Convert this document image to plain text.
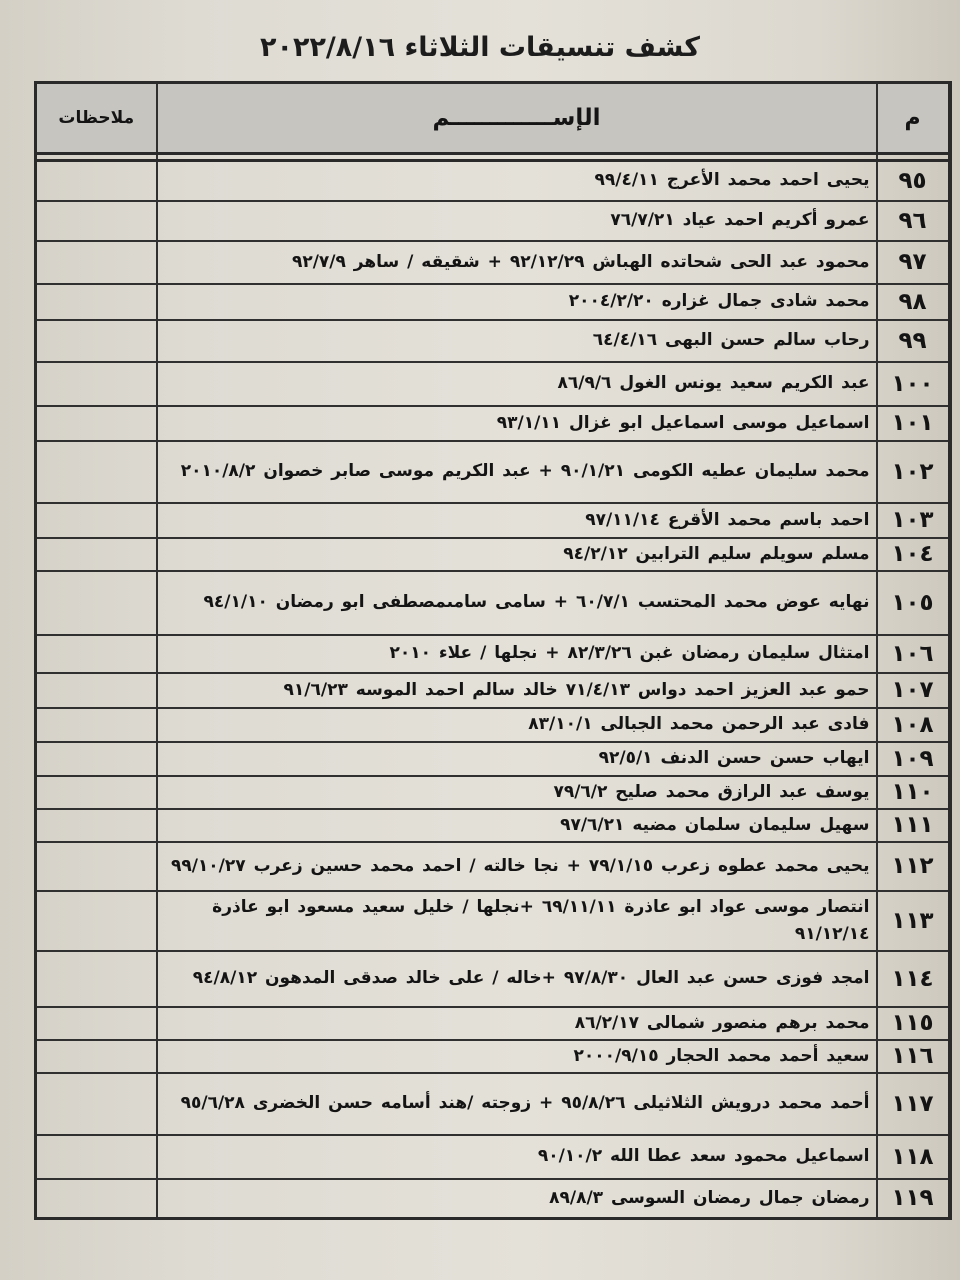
كشف تنسيقات الثلاثاء ٢٠٢٢/٨/١٦
م	الإســـــــــــــم	ملاحظات

٩٥	يحيى احمد محمد الأعرج ٩٩/٤/١١	
٩٦	عمرو أكريم احمد عياد ٧٦/٧/٢١	
٩٧	محمود عبد الحى شحاتده الهباش ٩٢/١٢/٢٩ + شقيقه / ساهر ٩٢/٧/٩	
٩٨	محمد شادى جمال غزاره ٢٠٠٤/٢/٢٠	
٩٩	رحاب سالم حسن البهى ٦٤/٤/١٦	
١٠٠	عبد الكريم سعيد يونس الغول ٨٦/٩/٦	
١٠١	اسماعيل موسى اسماعيل ابو غزال ٩٣/١/١١	
١٠٢	محمد سليمان عطيه الكومى ٩٠/١/٢١ + عبد الكريم موسى صابر خصوان ٢٠١٠/٨/٢	
١٠٣	احمد باسم محمد الأقرع ٩٧/١١/١٤	
١٠٤	مسلم سويلم سليم الترابين ٩٤/٢/١٢	
١٠٥	نهايه عوض محمد المحتسب ٦٠/٧/١ + سامى سامىمصطفى ابو رمضان ٩٤/١/١٠	
١٠٦	امتثال سليمان رمضان غبن ٨٢/٣/٢٦ + نجلها / علاء ٢٠١٠	
١٠٧	حمو عبد العزيز احمد دواس ٧١/٤/١٣ خالد سالم احمد الموسه ٩١/٦/٢٣	
١٠٨	فادى عبد الرحمن محمد الجبالى ٨٣/١٠/١	
١٠٩	ايهاب حسن حسن الدنف ٩٢/٥/١	
١١٠	يوسف عبد الرازق محمد صليح ٧٩/٦/٢	
١١١	سهيل سليمان سلمان مضيه ٩٧/٦/٢١	
١١٢	يحيى محمد عطوه زعرب ٧٩/١/١٥ + نجا خالته / احمد محمد حسين زعرب ٩٩/١٠/٢٧	
١١٣	انتصار موسى عواد ابو عاذرة ٦٩/١١/١١ +نجلها / خليل سعيد مسعود ابو عاذرة ٩١/١٢/١٤	
١١٤	امجد فوزى حسن عبد العال ٩٧/٨/٣٠ +خاله / على خالد صدقى المدهون ٩٤/٨/١٢	
١١٥	محمد برهم منصور شمالى ٨٦/٢/١٧	
١١٦	سعيد أحمد محمد الحجار ٢٠٠٠/٩/١٥	
١١٧	أحمد محمد درويش الثلاثيلى ٩٥/٨/٢٦ + زوجته /هند أسامه حسن الخضرى ٩٥/٦/٢٨	
١١٨	اسماعيل محمود سعد عطا الله ٩٠/١٠/٢	
١١٩	رمضان جمال رمضان السوسى ٨٩/٨/٣	
